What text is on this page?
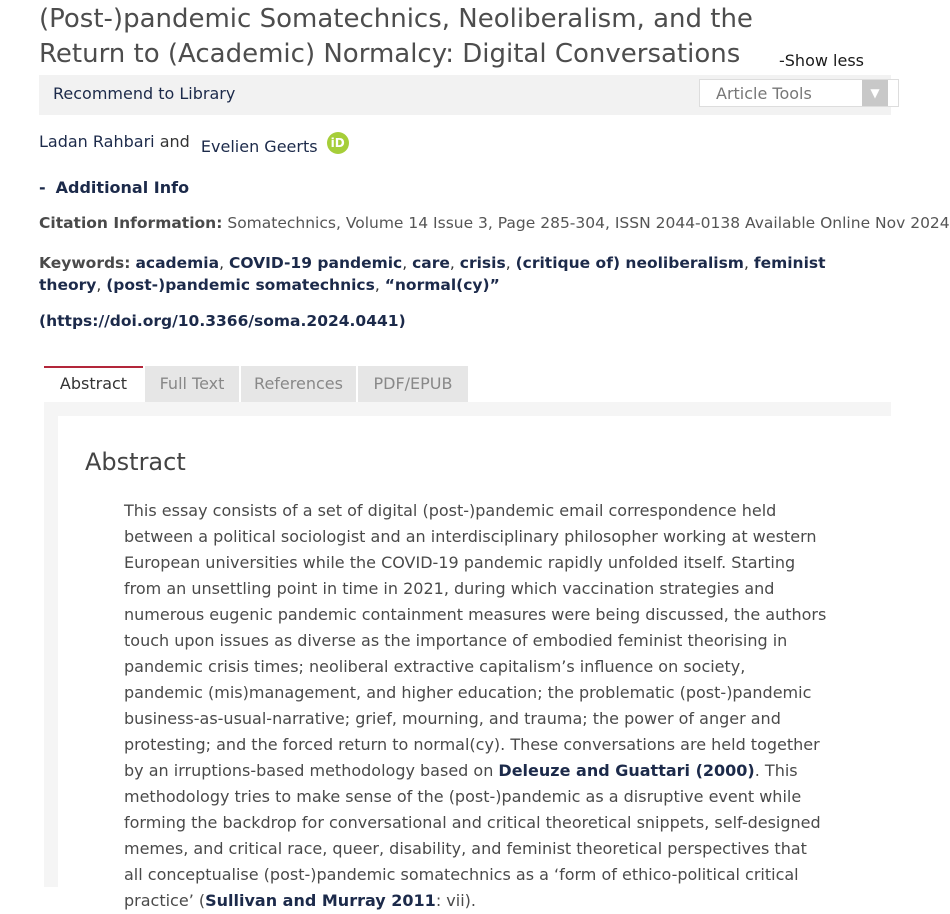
(Post-)pandemic Somatechnics, Neoliberalism, and the Return to (Academic) Normalcy: Digital Conversations	-Show less
Recommend to Library	Article Tools	▼
Ladan Rahbari and Evelien Geerts iD
- Additional Info
Citation Information: Somatechnics, Volume 14 Issue 3, Page 285-304, ISSN 2044-0138 Available Online Nov 2024
Keywords: academia, COVID-19 pandemic, care, crisis, (critique of) neoliberalism, feminist theory, (post-)pandemic somatechnics, “normal(cy)”
(https://doi.org/10.3366/soma.2024.0441)
Abstract	Full Text	References	PDF/EPUB
Abstract
This essay consists of a set of digital (post-)pandemic email correspondence held between a political sociologist and an interdisciplinary philosopher working at western European universities while the COVID-19 pandemic rapidly unfolded itself. Starting from an unsettling point in time in 2021, during which vaccination strategies and numerous eugenic pandemic containment measures were being discussed, the authors touch upon issues as diverse as the importance of embodied feminist theorising in pandemic crisis times; neoliberal extractive capitalism’s influence on society, pandemic (mis)management, and higher education; the problematic (post-)pandemic business-as-usual-narrative; grief, mourning, and trauma; the power of anger and protesting; and the forced return to normal(cy). These conversations are held together by an irruptions-based methodology based on Deleuze and Guattari (2000). This methodology tries to make sense of the (post-)pandemic as a disruptive event while forming the backdrop for conversational and critical theoretical snippets, self-designed memes, and critical race, queer, disability, and feminist theoretical perspectives that all conceptualise (post-)pandemic somatechnics as a ‘form of ethico-political critical practice’ (Sullivan and Murray 2011: vii).
